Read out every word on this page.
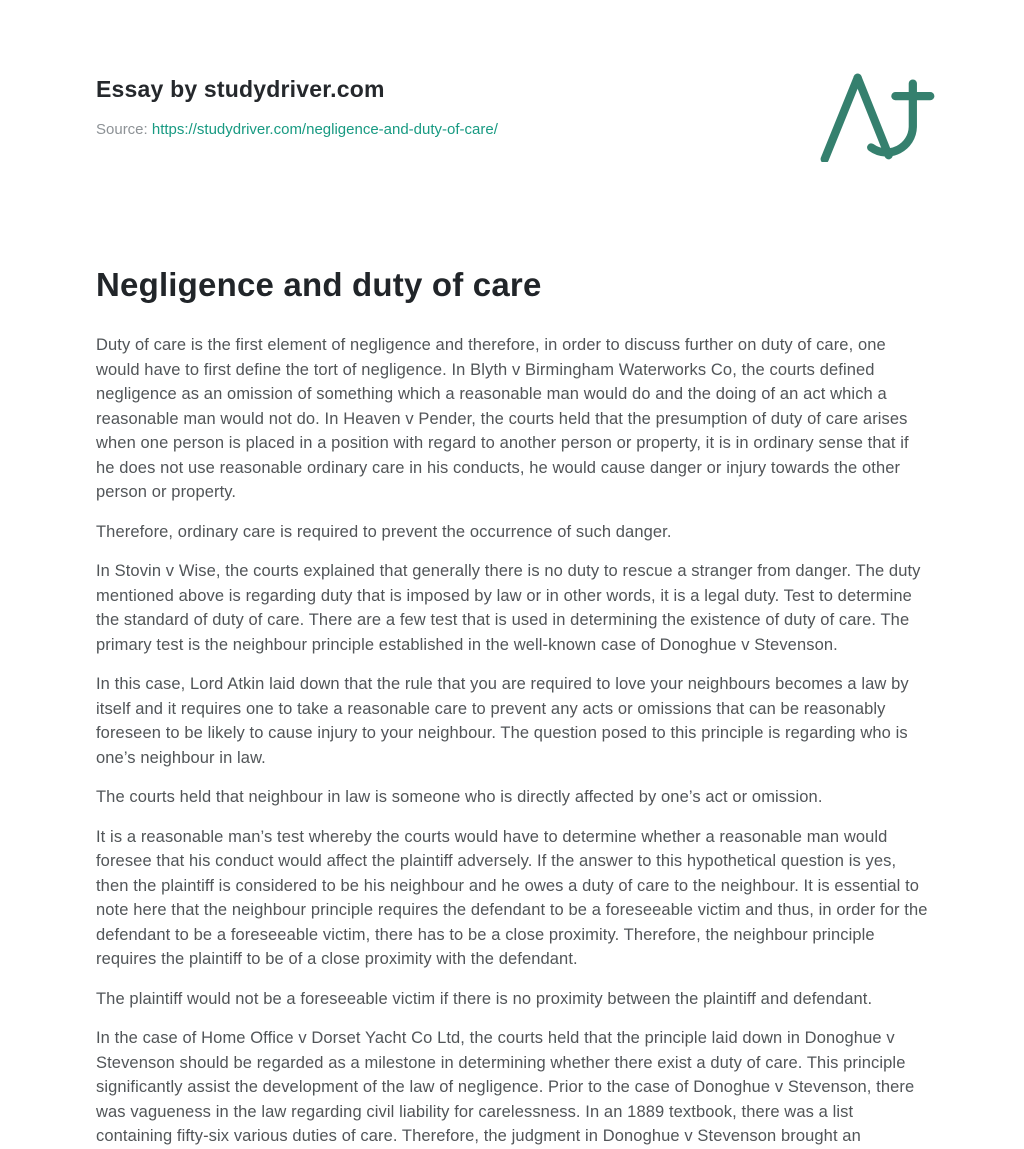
Essay by studydriver.com
Source: https://studydriver.com/negligence-and-duty-of-care/
Negligence and duty of care

Duty of care is the first element of negligence and therefore, in order to discuss further on duty of care, one would have to first define the tort of negligence. In Blyth v Birmingham Waterworks Co, the courts defined negligence as an omission of something which a reasonable man would do and the doing of an act which a reasonable man would not do. In Heaven v Pender, the courts held that the presumption of duty of care arises when one person is placed in a position with regard to another person or property, it is in ordinary sense that if he does not use reasonable ordinary care in his conducts, he would cause danger or injury towards the other person or property.

Therefore, ordinary care is required to prevent the occurrence of such danger.

In Stovin v Wise, the courts explained that generally there is no duty to rescue a stranger from danger. The duty mentioned above is regarding duty that is imposed by law or in other words, it is a legal duty. Test to determine the standard of duty of care. There are a few test that is used in determining the existence of duty of care. The primary test is the neighbour principle established in the well-known case of Donoghue v Stevenson.

In this case, Lord Atkin laid down that the rule that you are required to love your neighbours becomes a law by itself and it requires one to take a reasonable care to prevent any acts or omissions that can be reasonably foreseen to be likely to cause injury to your neighbour. The question posed to this principle is regarding who is one’s neighbour in law.

The courts held that neighbour in law is someone who is directly affected by one’s act or omission.

It is a reasonable man’s test whereby the courts would have to determine whether a reasonable man would foresee that his conduct would affect the plaintiff adversely. If the answer to this hypothetical question is yes, then the plaintiff is considered to be his neighbour and he owes a duty of care to the neighbour. It is essential to note here that the neighbour principle requires the defendant to be a foreseeable victim and thus, in order for the defendant to be a foreseeable victim, there has to be a close proximity. Therefore, the neighbour principle requires the plaintiff to be of a close proximity with the defendant.

The plaintiff would not be a foreseeable victim if there is no proximity between the plaintiff and defendant.

In the case of Home Office v Dorset Yacht Co Ltd, the courts held that the principle laid down in Donoghue v Stevenson should be regarded as a milestone in determining whether there exist a duty of care. This principle significantly assist the development of the law of negligence. Prior to the case of Donoghue v Stevenson, there was vagueness in the law regarding civil liability for carelessness. In an 1889 textbook, there was a list containing fifty-six various duties of care. Therefore, the judgment in Donoghue v Stevenson brought an
